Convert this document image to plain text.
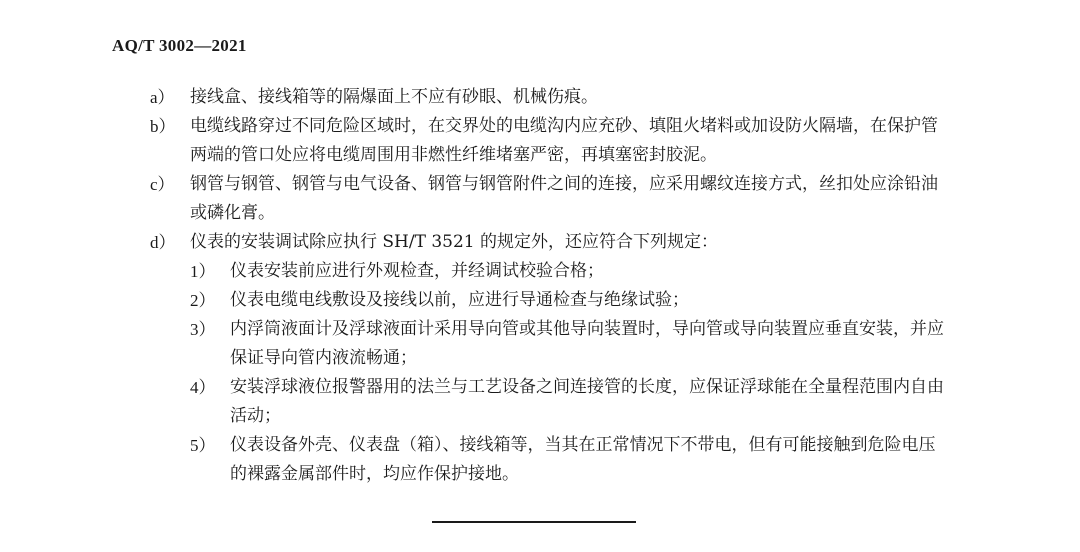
AQ/T 3002—2021
a） 接线盒、接线箱等的隔爆面上不应有砂眼、机械伤痕。
b） 电缆线路穿过不同危险区域时，在交界处的电缆沟内应充砂、填阻火堵料或加设防火隔墙，在保护管两端的管口处应将电缆周围用非燃性纤维堵塞严密，再填塞密封胶泥。
c） 钢管与钢管、钢管与电气设备、钢管与钢管附件之间的连接，应采用螺纹连接方式，丝扣处应涂铅油或磷化膏。
d） 仪表的安装调试除应执行 SH/T 3521 的规定外，还应符合下列规定：
1） 仪表安装前应进行外观检查，并经调试校验合格；
2） 仪表电缆电线敷设及接线以前，应进行导通检查与绝缘试验；
3） 内浮筒液面计及浮球液面计采用导向管或其他导向装置时，导向管或导向装置应垂直安装，并应保证导向管内液流畅通；
4） 安装浮球液位报警器用的法兰与工艺设备之间连接管的长度，应保证浮球能在全量程范围内自由活动；
5） 仪表设备外壳、仪表盘（箱）、接线箱等，当其在正常情况下不带电，但有可能接触到危险电压的裸露金属部件时，均应作保护接地。
